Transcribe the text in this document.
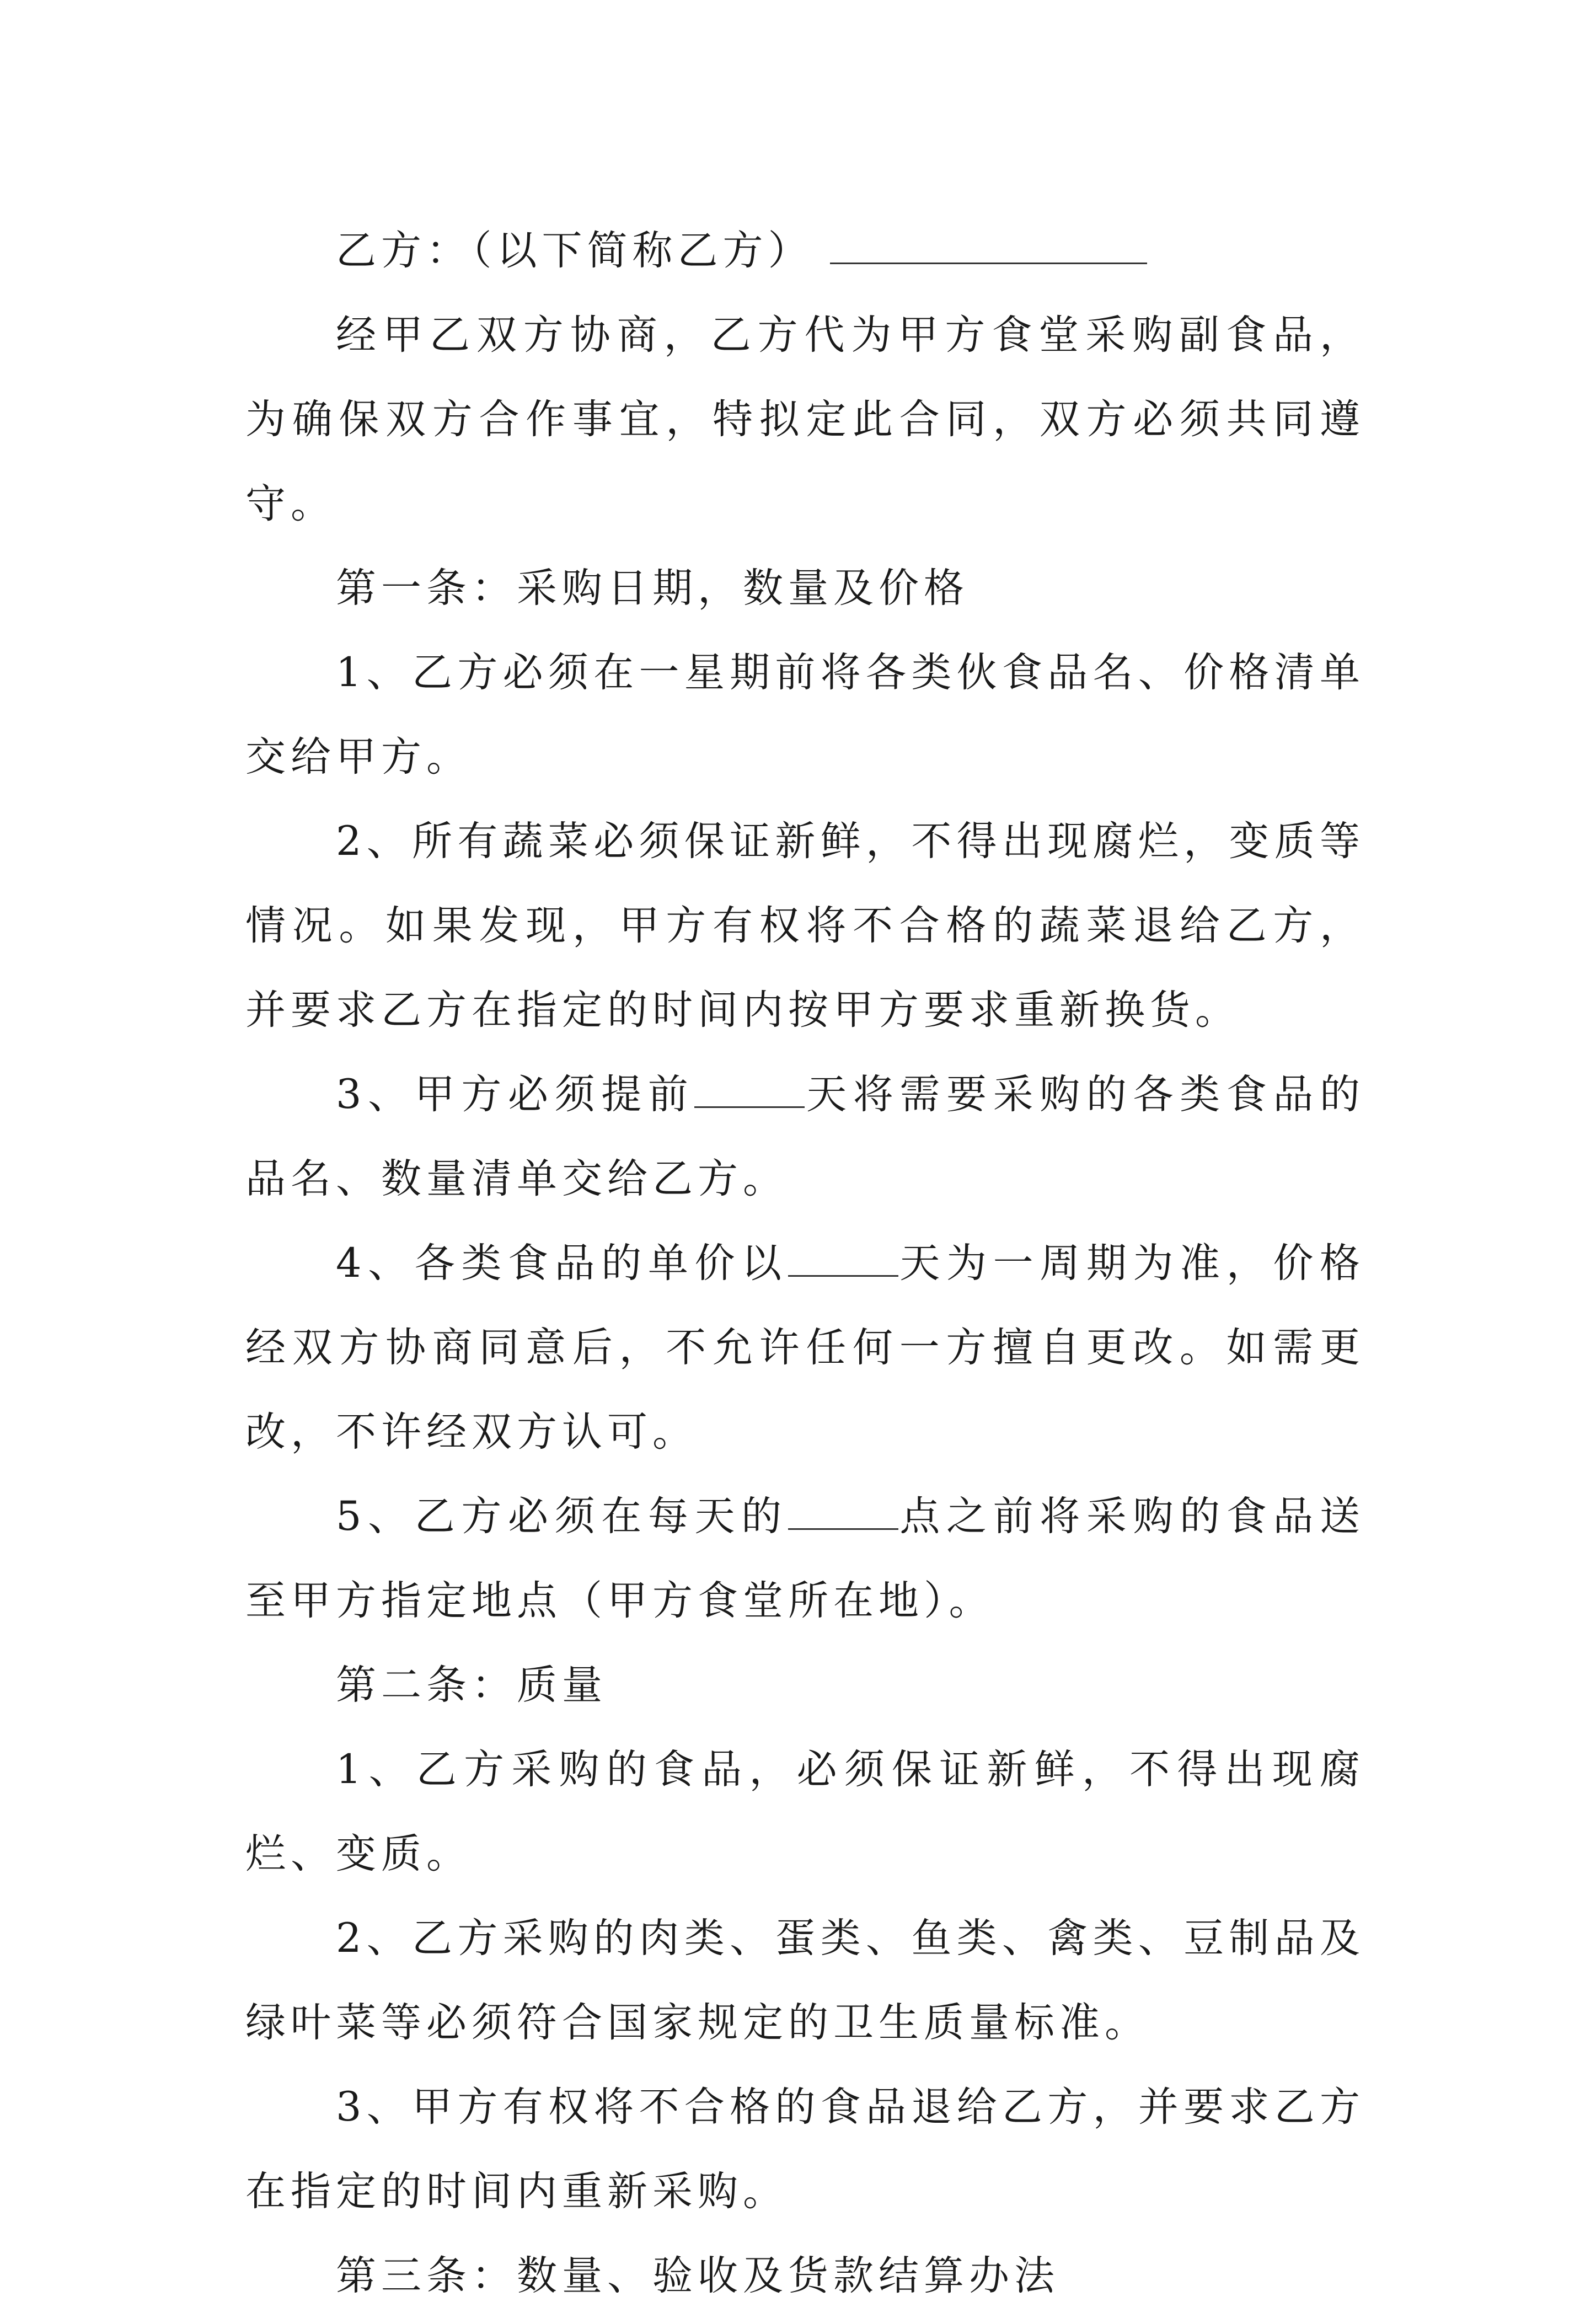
乙方：（以下简称乙方）

经甲乙双方协商，乙方代为甲方食堂采购副食品，为确保双方合作事宜，特拟定此合同，双方必须共同遵守。

第一条：采购日期，数量及价格

1、乙方必须在一星期前将各类伙食品名、价格清单交给甲方。

2、所有蔬菜必须保证新鲜，不得出现腐烂，变质等情况。如果发现，甲方有权将不合格的蔬菜退给乙方，并要求乙方在指定的时间内按甲方要求重新换货。

3、甲方必须提前	天将需要采购的各类食品的品名、数量清单交给乙方。

4、各类食品的单价以	天为一周期为准，价格经双方协商同意后，不允许任何一方擅自更改。如需更改，不许经双方认可。

5、乙方必须在每天的	点之前将采购的食品送至甲方指定地点（甲方食堂所在地）。

第二条：质量

1、乙方采购的食品，必须保证新鲜，不得出现腐烂、变质。

2、乙方采购的肉类、蛋类、鱼类、禽类、豆制品及绿叶菜等必须符合国家规定的卫生质量标准。

3、甲方有权将不合格的食品退给乙方，并要求乙方在指定的时间内重新采购。

第三条：数量、验收及货款结算办法
